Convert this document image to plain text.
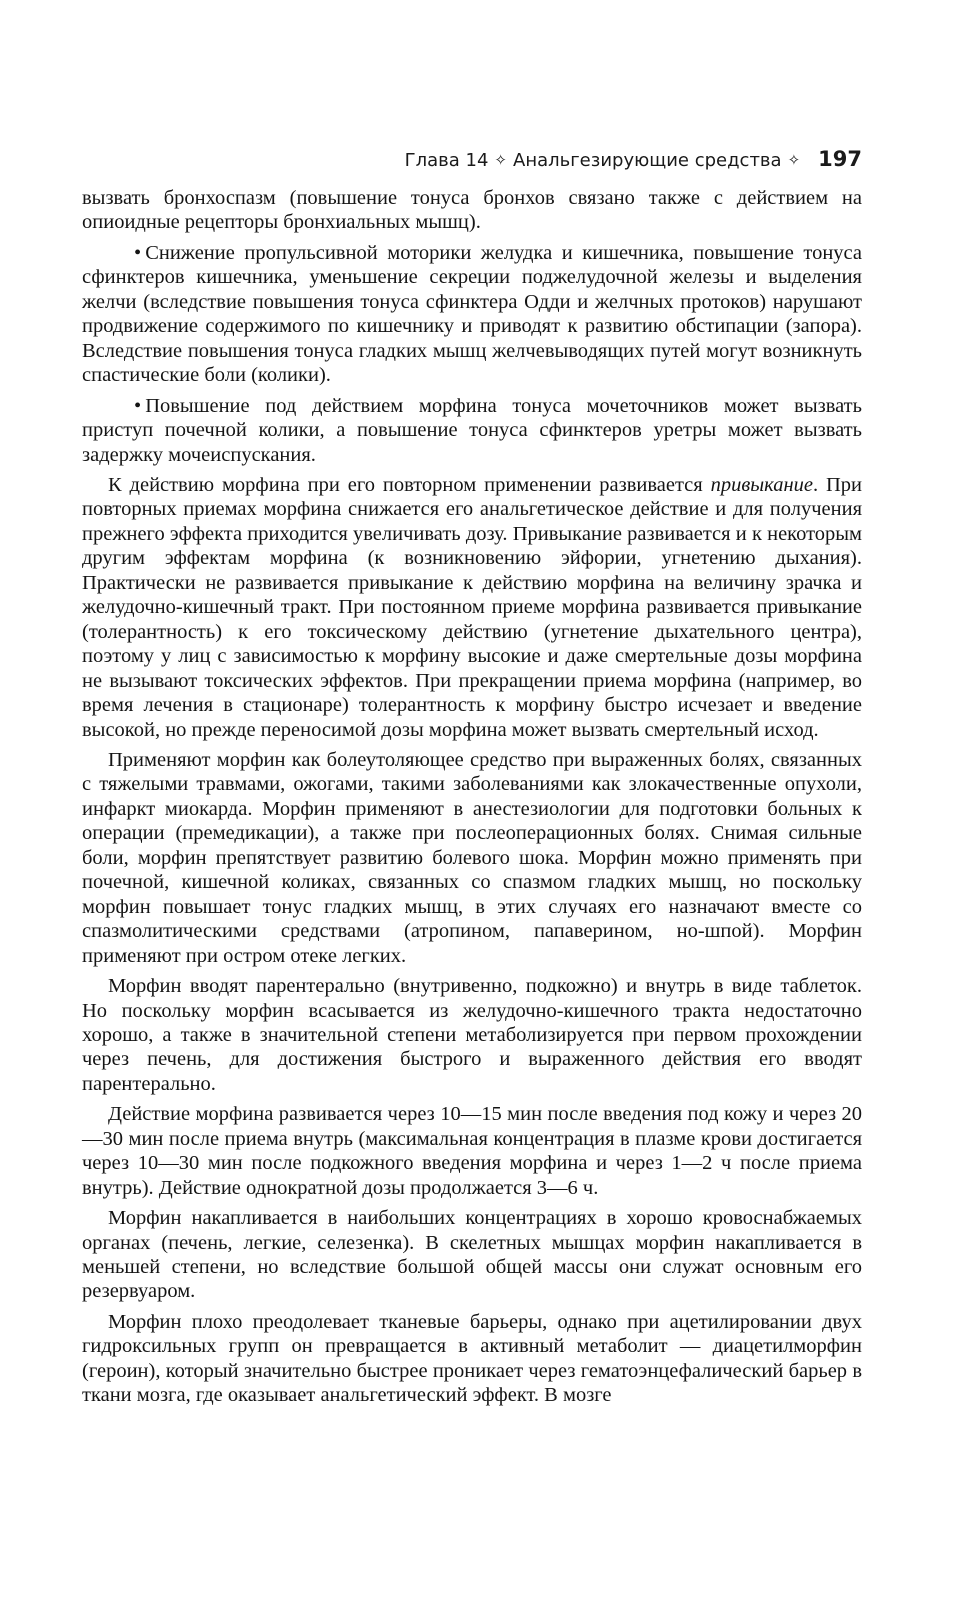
Глава 14 ✧ Анальгезирующие средства ✧ 197

вызвать бронхоспазм (повышение тонуса бронхов связано также с действием на опиоидные рецепторы бронхиальных мышц).

• Снижение пропульсивной моторики желудка и кишечника, повышение тонуса сфинктеров кишечника, уменьшение секреции поджелудочной железы и выделения желчи (вследствие повышения тонуса сфинктера Одди и желчных протоков) нарушают продвижение содержимого по кишечнику и приводят к развитию обстипации (запора). Вследствие повышения тонуса гладких мышц желчевыводящих путей могут возникнуть спастические боли (колики).

• Повышение под действием морфина тонуса мочеточников может вызвать приступ почечной колики, а повышение тонуса сфинктеров уретры может вызвать задержку мочеиспускания.

К действию морфина при его повторном применении развивается привыкание. При повторных приемах морфина снижается его анальгетическое действие и для получения прежнего эффекта приходится увеличивать дозу. Привыкание развивается и к некоторым другим эффектам морфина (к возникновению эйфории, угнетению дыхания). Практически не развивается привыкание к действию морфина на величину зрачка и желудочно-кишечный тракт. При постоянном приеме морфина развивается привыкание (толерантность) к его токсическому действию (угнетение дыхательного центра), поэтому у лиц с зависимостью к морфину высокие и даже смертельные дозы морфина не вызывают токсических эффектов. При прекращении приема морфина (например, во время лечения в стационаре) толерантность к морфину быстро исчезает и введение высокой, но прежде переносимой дозы морфина может вызвать смертельный исход.

Применяют морфин как болеутоляющее средство при выраженных болях, связанных с тяжелыми травмами, ожогами, такими заболеваниями как злокачественные опухоли, инфаркт миокарда. Морфин применяют в анестезиологии для подготовки больных к операции (премедикации), а также при послеоперационных болях. Снимая сильные боли, морфин препятствует развитию болевого шока. Морфин можно применять при почечной, кишечной коликах, связанных со спазмом гладких мышц, но поскольку морфин повышает тонус гладких мышц, в этих случаях его назначают вместе со спазмолитическими средствами (атропином, папаверином, но-шпой). Морфин применяют при остром отеке легких.

Морфин вводят парентерально (внутривенно, подкожно) и внутрь в виде таблеток. Но поскольку морфин всасывается из желудочно-кишечного тракта недостаточно хорошо, а также в значительной степени метаболизируется при первом прохождении через печень, для достижения быстрого и выраженного действия его вводят парентерально.

Действие морфина развивается через 10—15 мин после введения под кожу и через 20—30 мин после приема внутрь (максимальная концентрация в плазме крови достигается через 10—30 мин после подкожного введения морфина и через 1—2 ч после приема внутрь). Действие однократной дозы продолжается 3—6 ч.

Морфин накапливается в наибольших концентрациях в хорошо кровоснабжаемых органах (печень, легкие, селезенка). В скелетных мышцах морфин накапливается в меньшей степени, но вследствие большой общей массы они служат основным его резервуаром.

Морфин плохо преодолевает тканевые барьеры, однако при ацетилировании двух гидроксильных групп он превращается в активный метаболит — диацетилморфин (героин), который значительно быстрее проникает через гематоэнцефалический барьер в ткани мозга, где оказывает анальгетический эффект. В мозге
